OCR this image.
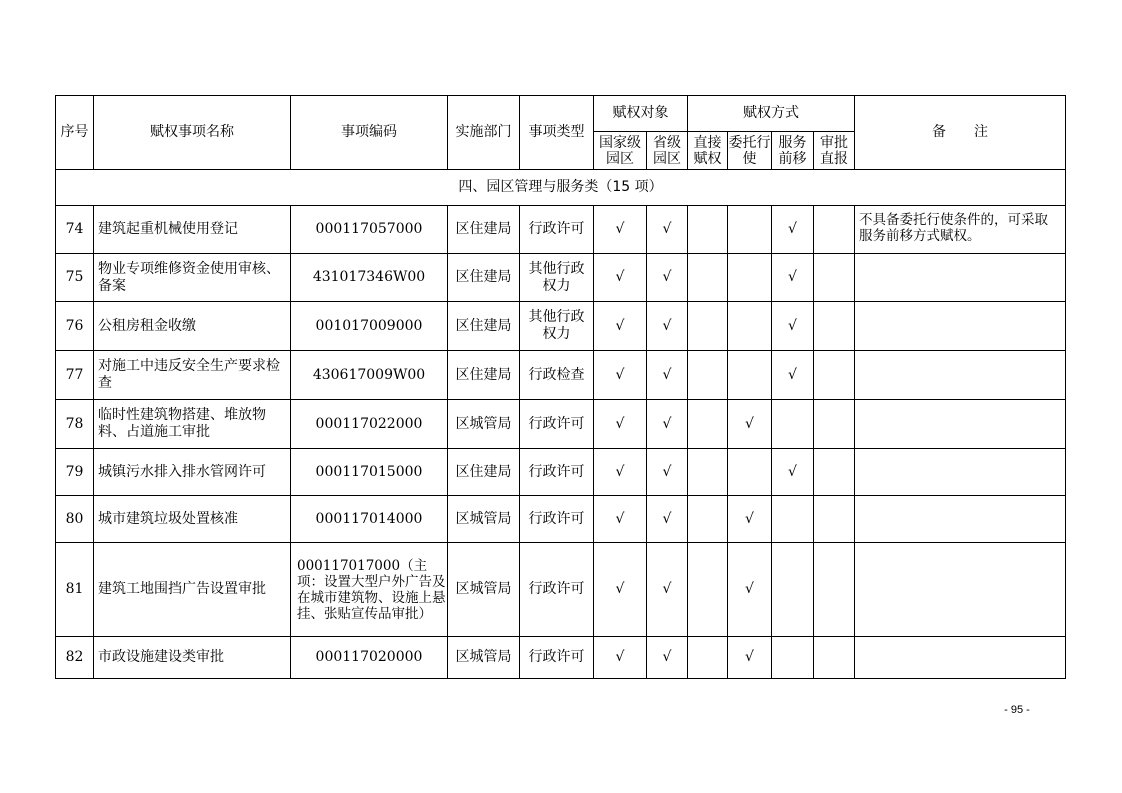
序号	赋权事项名称	事项编码	实施部门	事项类型	赋权对象		赋权方式				备　　注
					国家级园区	省级园区	直接赋权	委托行使	服务前移	审批直报	
四、园区管理与服务类（15 项）											
74	建筑起重机械使用登记	000117057000	区住建局	行政许可	√	√			√		不具备委托行使条件的，可采取服务前移方式赋权。
75	物业专项维修资金使用审核、备案	431017346W00	区住建局	其他行政权力	√	√			√		
76	公租房租金收缴	001017009000	区住建局	其他行政权力	√	√			√		
77	对施工中违反安全生产要求检查	430617009W00	区住建局	行政检查	√	√			√		
78	临时性建筑物搭建、堆放物料、占道施工审批	000117022000	区城管局	行政许可	√	√		√			
79	城镇污水排入排水管网许可	000117015000	区住建局	行政许可	√	√			√		
80	城市建筑垃圾处置核准	000117014000	区城管局	行政许可	√	√		√			
81	建筑工地围挡广告设置审批	000117017000（主项：设置大型户外广告及在城市建筑物、设施上悬挂、张贴宣传品审批）	区城管局	行政许可	√	√		√			
82	市政设施建设类审批	000117020000	区城管局	行政许可	√	√		√			
- 95 -
